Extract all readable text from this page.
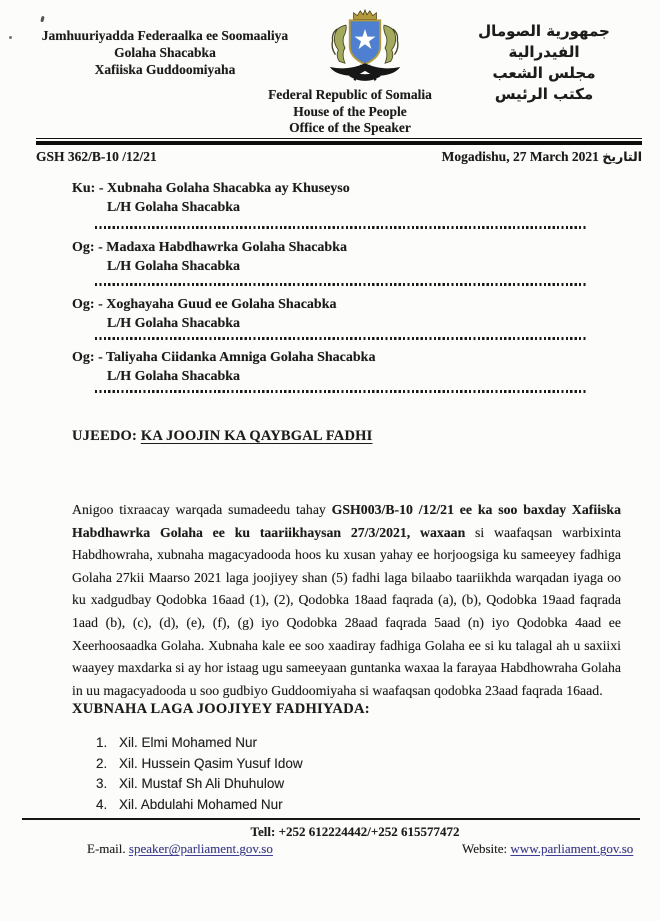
Jamhuuriyadda Federaalka ee Soomaaliya
Golaha Shacabka
Xafiiska Guddoomiyaha
جمهورية الصومال الفيدرالية
مجلس الشعب
مكتب الرئيس
Federal Republic of Somalia
House of the People
Office of the Speaker
GSH 362/B-10 /12/21	Mogadishu, 27 March 2021 التاريخ
Ku: - Xubnaha Golaha Shacabka ay Khuseyso
L/H Golaha Shacabka
Og: - Madaxa Habdhawrka Golaha Shacabka
L/H Golaha Shacabka
Og: - Xoghayaha Guud ee Golaha Shacabka
L/H Golaha Shacabka
Og: - Taliyaha Ciidanka Amniga Golaha Shacabka
L/H Golaha Shacabka
UJEEDO: KA JOOJIN KA QAYBGAL FADHI
Anigoo tixraacay warqada sumadeedu tahay GSH003/B-10 /12/21 ee ka soo baxday Xafiiska Habdhawrka Golaha ee ku taariikhaysan 27/3/2021, waxaan si waafaqsan warbixinta Habdhowraha, xubnaha magacyadooda hoos ku xusan yahay ee horjoogsiga ku sameeyey fadhiga Golaha 27kii Maarso 2021 laga joojiyey shan (5) fadhi laga bilaabo taariikhda warqadan iyaga oo ku xadgudbay Qodobka 16aad (1), (2), Qodobka 18aad faqrada (a), (b), Qodobka 19aad faqrada 1aad (b), (c), (d), (e), (f), (g) iyo Qodobka 28aad faqrada 5aad (n) iyo Qodobka 4aad ee Xeerhoosaadka Golaha. Xubnaha kale ee soo xaadiray fadhiga Golaha ee si ku talagal ah u saxiixi waayey maxdarka si ay hor istaag ugu sameeyaan guntanka waxaa la farayaa Habdhowraha Golaha in uu magacyadooda u soo gudbiyo Guddoomiyaha si waafaqsan qodobka 23aad faqrada 16aad.
XUBNAHA LAGA JOOJIYEY FADHIYADA:
1. Xil. Elmi Mohamed Nur
2. Xil. Hussein Qasim Yusuf Idow
3. Xil. Mustaf Sh Ali Dhuhulow
4. Xil. Abdulahi Mohamed Nur
Tell: +252 612224442/+252 615577472
E-mail. speaker@parliament.gov.so	Website: www.parliament.gov.so
